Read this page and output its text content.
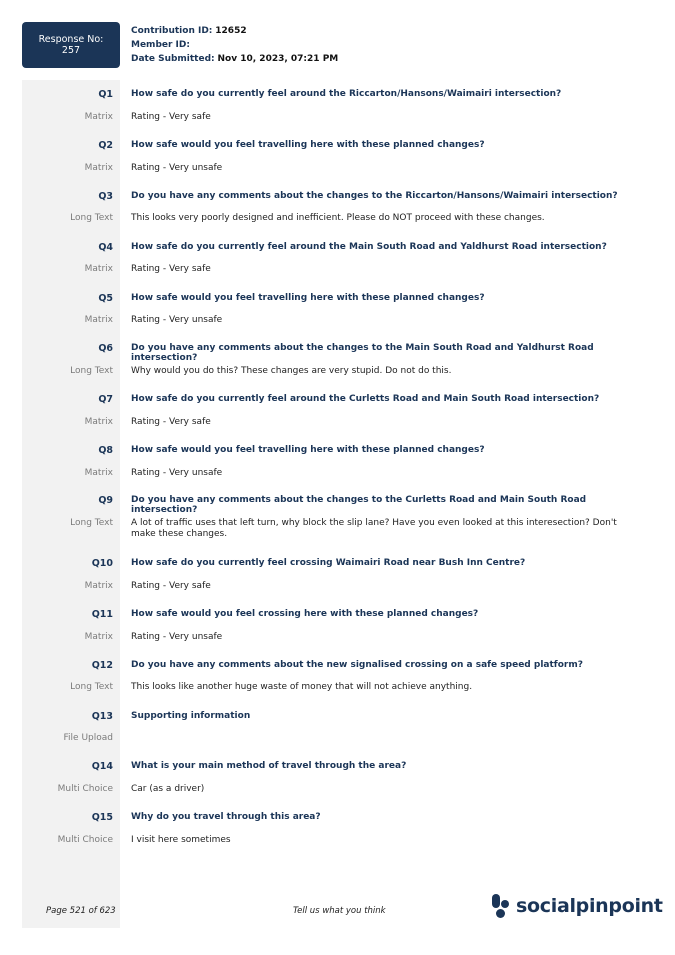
Response No:
257
Contribution ID: 12652
Member ID:
Date Submitted: Nov 10, 2023, 07:21 PM
Q1 How safe do you currently feel around the Riccarton/Hansons/Waimairi intersection?
Matrix Rating - Very safe
Q2 How safe would you feel travelling here with these planned changes?
Matrix Rating - Very unsafe
Q3 Do you have any comments about the changes to the Riccarton/Hansons/Waimairi intersection?
Long Text This looks very poorly designed and inefficient. Please do NOT proceed with these changes.
Q4 How safe do you currently feel around the Main South Road and Yaldhurst Road intersection?
Matrix Rating - Very safe
Q5 How safe would you feel travelling here with these planned changes?
Matrix Rating - Very unsafe
Q6 Do you have any comments about the changes to the Main South Road and Yaldhurst Road intersection?
Long Text Why would you do this? These changes are very stupid. Do not do this.
Q7 How safe do you currently feel around the Curletts Road and Main South Road intersection?
Matrix Rating - Very safe
Q8 How safe would you feel travelling here with these planned changes?
Matrix Rating - Very unsafe
Q9 Do you have any comments about the changes to the Curletts Road and Main South Road intersection?
Long Text A lot of traffic uses that left turn, why block the slip lane? Have you even looked at this interesection? Don't make these changes.
Q10 How safe do you currently feel crossing Waimairi Road near Bush Inn Centre?
Matrix Rating - Very safe
Q11 How safe would you feel crossing here with these planned changes?
Matrix Rating - Very unsafe
Q12 Do you have any comments about the new signalised crossing on a safe speed platform?
Long Text This looks like another huge waste of money that will not achieve anything.
Q13 Supporting information
File Upload
Q14 What is your main method of travel through the area?
Multi Choice Car (as a driver)
Q15 Why do you travel through this area?
Multi Choice I visit here sometimes
Page 521 of 623	Tell us what you think	socialpinpoint
